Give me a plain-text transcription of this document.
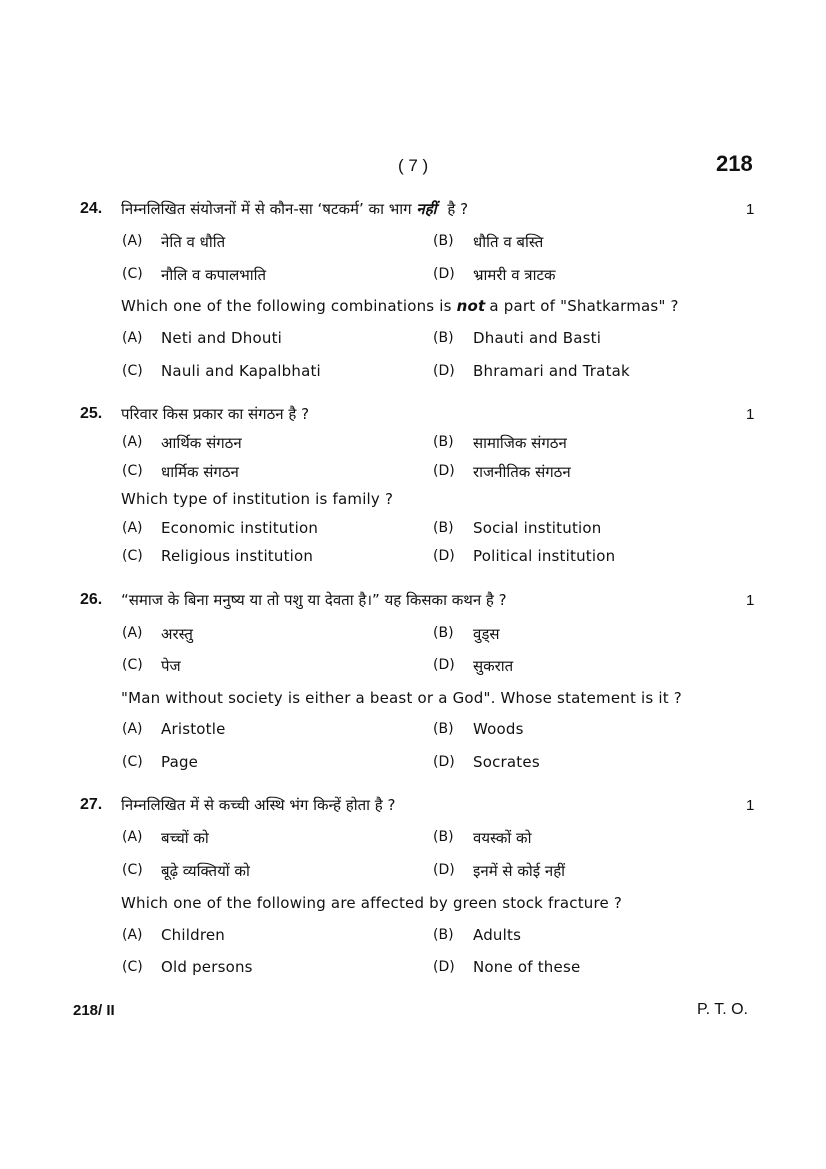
( 7 )	218
24. निम्नलिखित संयोजनों में से कौन-सा ‘षटकर्म’ का भाग नहीं है ?	1
(A) नेति व धौति	(B) धौति व बस्ति
(C) नौलि व कपालभाति	(D) भ्रामरी व त्राटक
Which one of the following combinations is not a part of "Shatkarmas" ?
(A) Neti and Dhouti	(B) Dhauti and Basti
(C) Nauli and Kapalbhati	(D) Bhramari and Tratak
25. परिवार किस प्रकार का संगठन है ?	1
(A) आर्थिक संगठन	(B) सामाजिक संगठन
(C) धार्मिक संगठन	(D) राजनीतिक संगठन
Which type of institution is family ?
(A) Economic institution	(B) Social institution
(C) Religious institution	(D) Political institution
26. “समाज के बिना मनुष्य या तो पशु या देवता है।” यह किसका कथन है ?	1
(A) अरस्तु	(B) वुड्स
(C) पेज	(D) सुकरात
"Man without society is either a beast or a God". Whose statement is it ?
(A) Aristotle	(B) Woods
(C) Page	(D) Socrates
27. निम्नलिखित में से कच्ची अस्थि भंग किन्हें होता है ?	1
(A) बच्चों को	(B) वयस्कों को
(C) बूढ़े व्यक्तियों को	(D) इनमें से कोई नहीं
Which one of the following are affected by green stock fracture ?
(A) Children	(B) Adults
(C) Old persons	(D) None of these
218/ II	P. T. O.
